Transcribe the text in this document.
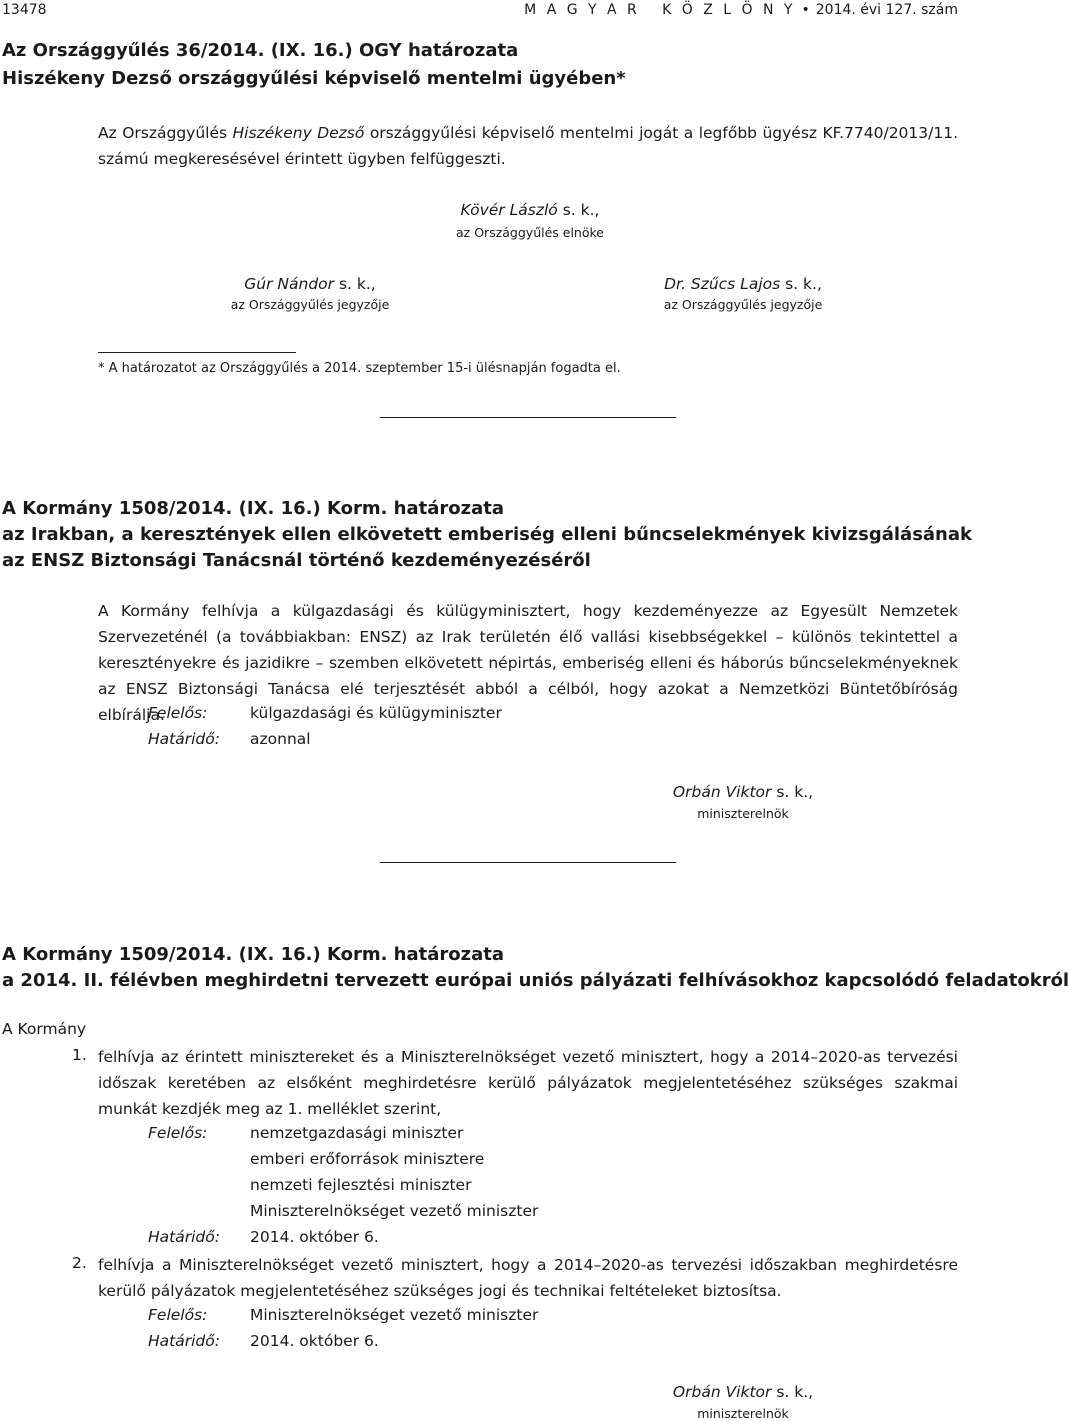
13478	M A G Y A R   K Ö Z L Ö N Y • 2014. évi 127. szám
Az Országgyűlés 36/2014. (IX. 16.) OGY határozata
Hiszékeny Dezső országgyűlési képviselő mentelmi ügyében*
Az Országgyűlés Hiszékeny Dezső országgyűlési képviselő mentelmi jogát a legfőbb ügyész KF.7740/2013/11. számú megkeresésével érintett ügyben felfüggeszti.
Kövér László s. k.,
az Országgyűlés elnöke
Gúr Nándor s. k.,
az Országgyűlés jegyzője
Dr. Szűcs Lajos s. k.,
az Országgyűlés jegyzője
* A határozatot az Országgyűlés a 2014. szeptember 15-i ülésnapján fogadta el.
A Kormány 1508/2014. (IX. 16.) Korm. határozata
az Irakban, a keresztények ellen elkövetett emberiség elleni bűncselekmények kivizsgálásának
az ENSZ Biztonsági Tanácsnál történő kezdeményezéséről
A Kormány felhívja a külgazdasági és külügyminisztert, hogy kezdeményezze az Egyesült Nemzetek Szervezeténél (a továbbiakban: ENSZ) az Irak területén élő vallási kisebbségekkel – különös tekintettel a keresztényekre és jazidikre – szemben elkövetett népirtás, emberiség elleni és háborús bűncselekményeknek az ENSZ Biztonsági Tanácsa elé terjesztését abból a célból, hogy azokat a Nemzetközi Büntetőbíróság elbírálja.
Felelős:	külgazdasági és külügyminiszter
Határidő: azonnal
Orbán Viktor s. k.,
miniszterelnök
A Kormány 1509/2014. (IX. 16.) Korm. határozata
a 2014. II. félévben meghirdetni tervezett európai uniós pályázati felhívásokhoz kapcsolódó feladatokról
A Kormány
1. felhívja az érintett minisztereket és a Miniszterelnökséget vezető minisztert, hogy a 2014–2020-as tervezési időszak keretében az elsőként meghirdetésre kerülő pályázatok megjelentetéséhez szükséges szakmai munkát kezdjék meg az 1. melléklet szerint,
Felelős:	nemzetgazdasági miniszter
emberi erőforrások minisztere
nemzeti fejlesztési miniszter
Miniszterelnökséget vezető miniszter
Határidő: 2014. október 6.
2. felhívja a Miniszterelnökséget vezető minisztert, hogy a 2014–2020-as tervezési időszakban meghirdetésre kerülő pályázatok megjelentetéséhez szükséges jogi és technikai feltételeket biztosítsa.
Felelős:	Miniszterelnökséget vezető miniszter
Határidő: 2014. október 6.
Orbán Viktor s. k.,
miniszterelnök
